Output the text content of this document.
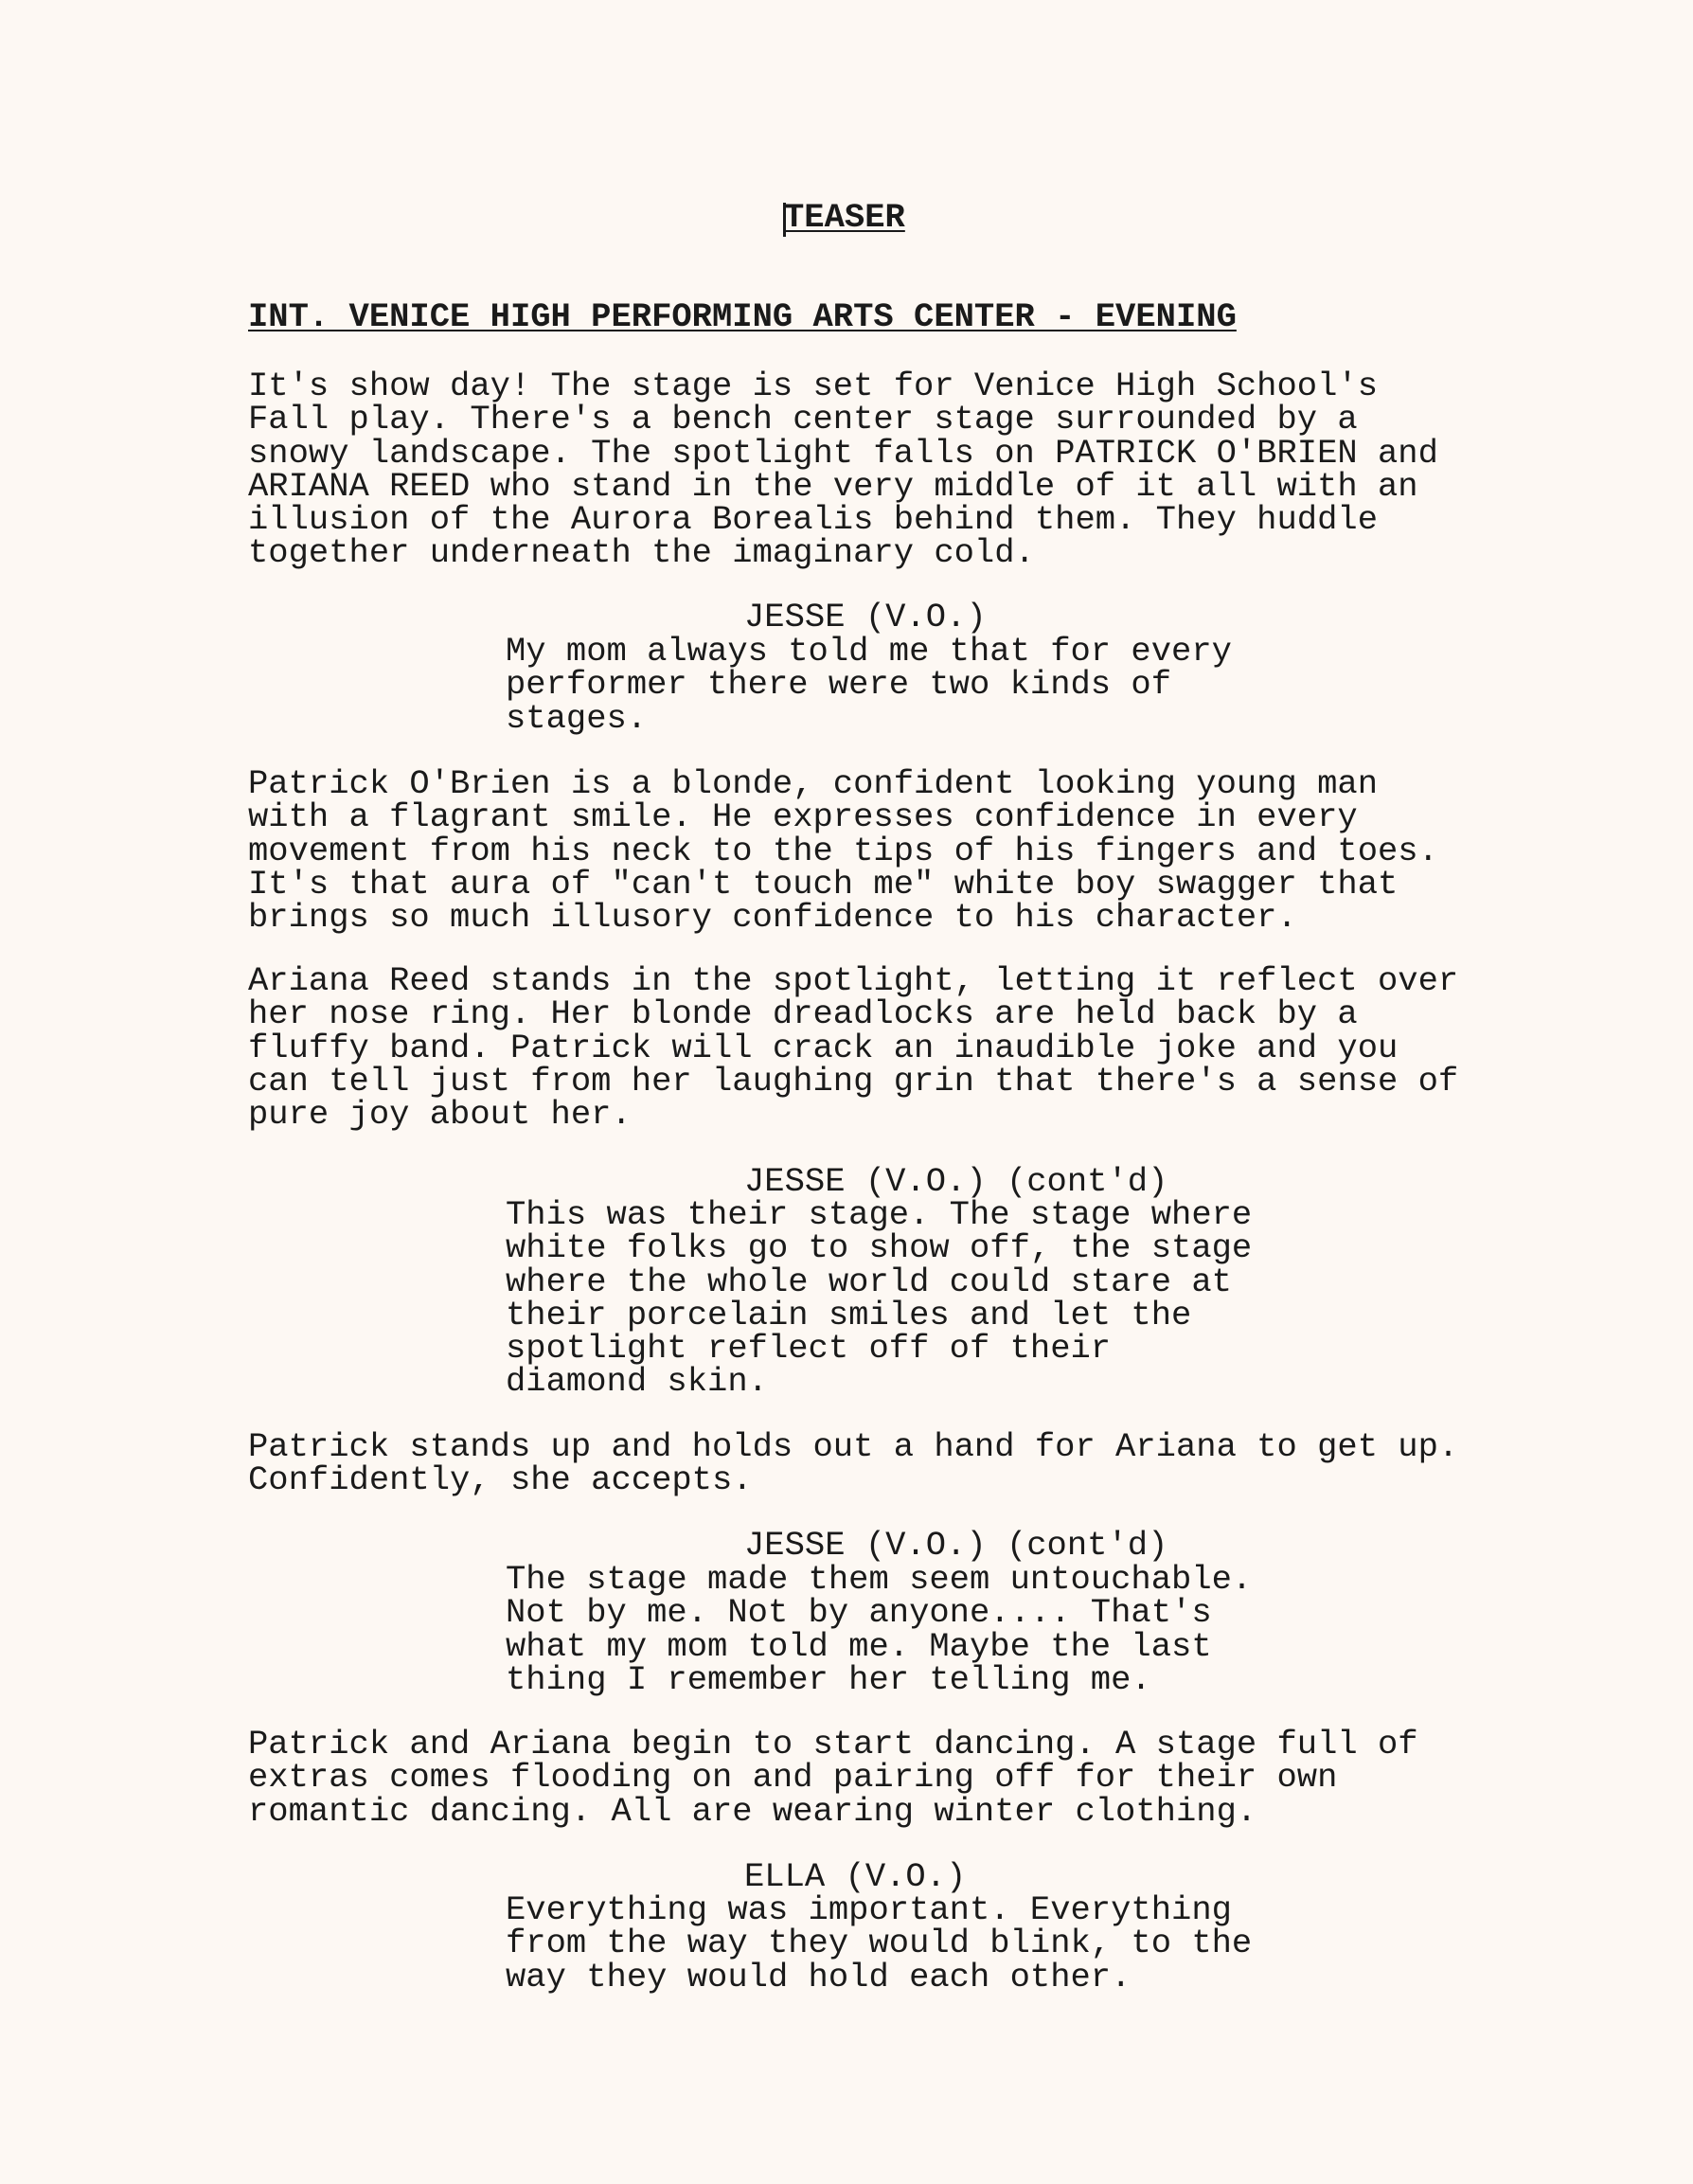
TEASER
INT. VENICE HIGH PERFORMING ARTS CENTER - EVENING
It's show day! The stage is set for Venice High School's
Fall play. There's a bench center stage surrounded by a
snowy landscape. The spotlight falls on PATRICK O'BRIEN and
ARIANA REED who stand in the very middle of it all with an
illusion of the Aurora Borealis behind them. They huddle
together underneath the imaginary cold.
JESSE (V.O.)
My mom always told me that for every
performer there were two kinds of
stages.
Patrick O'Brien is a blonde, confident looking young man
with a flagrant smile. He expresses confidence in every
movement from his neck to the tips of his fingers and toes.
It's that aura of "can't touch me" white boy swagger that
brings so much illusory confidence to his character.
Ariana Reed stands in the spotlight, letting it reflect over
her nose ring. Her blonde dreadlocks are held back by a
fluffy band. Patrick will crack an inaudible joke and you
can tell just from her laughing grin that there's a sense of
pure joy about her.
JESSE (V.O.) (cont'd)
This was their stage. The stage where
white folks go to show off, the stage
where the whole world could stare at
their porcelain smiles and let the
spotlight reflect off of their
diamond skin.
Patrick stands up and holds out a hand for Ariana to get up.
Confidently, she accepts.
JESSE (V.O.) (cont'd)
The stage made them seem untouchable.
Not by me. Not by anyone.... That's
what my mom told me. Maybe the last
thing I remember her telling me.
Patrick and Ariana begin to start dancing. A stage full of
extras comes flooding on and pairing off for their own
romantic dancing. All are wearing winter clothing.
ELLA (V.O.)
Everything was important. Everything
from the way they would blink, to the
way they would hold each other.
